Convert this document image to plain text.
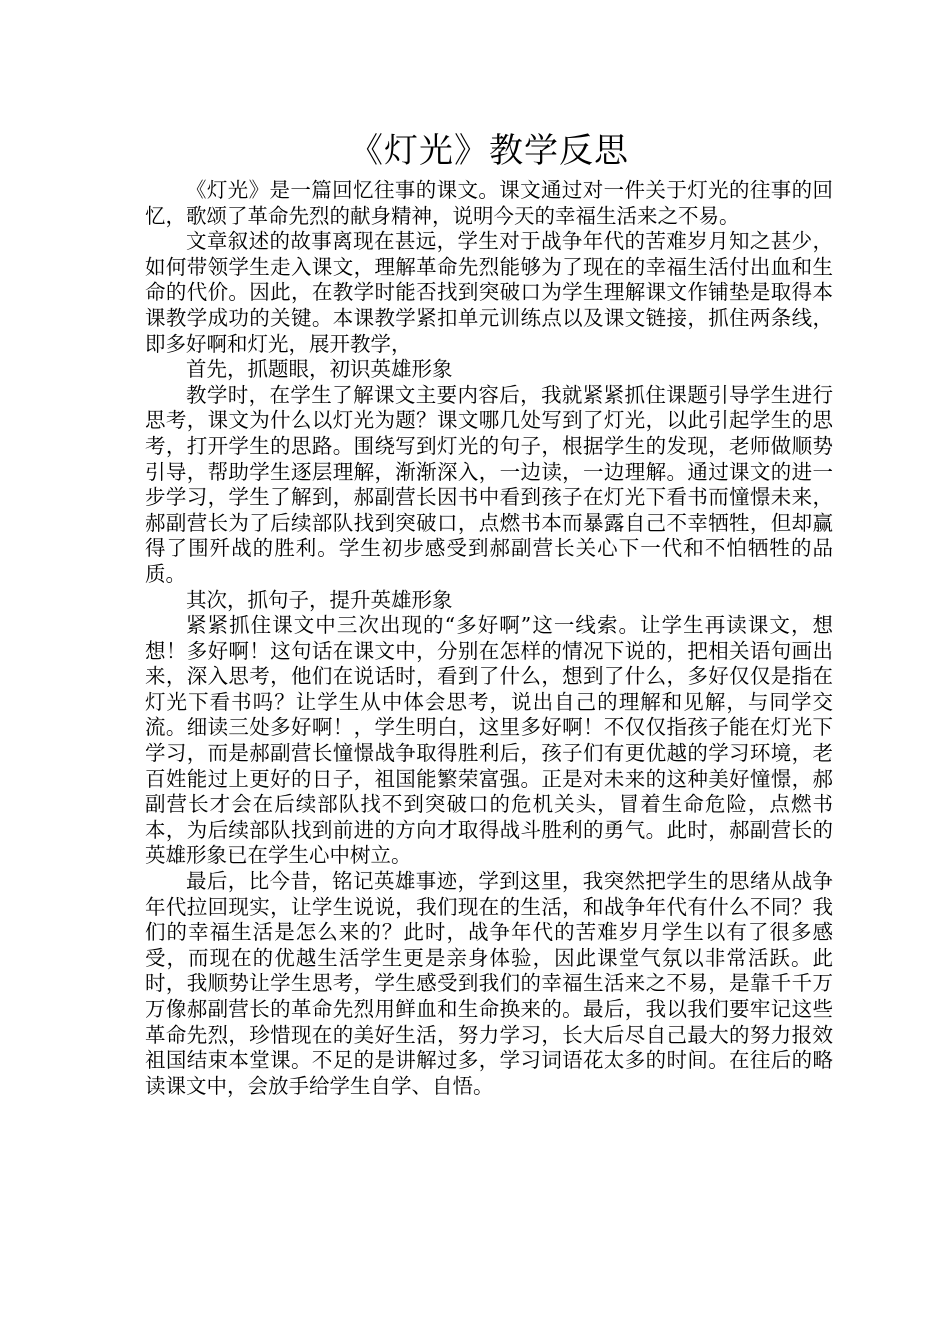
《灯光》教学反思

《灯光》是一篇回忆往事的课文。课文通过对一件关于灯光的往事的回忆，歌颂了革命先烈的献身精神，说明今天的幸福生活来之不易。

文章叙述的故事离现在甚远，学生对于战争年代的苦难岁月知之甚少，如何带领学生走入课文，理解革命先烈能够为了现在的幸福生活付出血和生命的代价。因此，在教学时能否找到突破口为学生理解课文作铺垫是取得本课教学成功的关键。本课教学紧扣单元训练点以及课文链接，抓住两条线，即多好啊和灯光，展开教学，

首先，抓题眼，初识英雄形象

教学时，在学生了解课文主要内容后，我就紧紧抓住课题引导学生进行思考，课文为什么以灯光为题？课文哪几处写到了灯光，以此引起学生的思考，打开学生的思路。围绕写到灯光的句子，根据学生的发现，老师做顺势引导，帮助学生逐层理解，渐渐深入，一边读，一边理解。通过课文的进一步学习，学生了解到，郝副营长因书中看到孩子在灯光下看书而憧憬未来，郝副营长为了后续部队找到突破口，点燃书本而暴露自己不幸牺牲，但却赢得了围歼战的胜利。学生初步感受到郝副营长关心下一代和不怕牺牲的品质。

其次，抓句子，提升英雄形象

紧紧抓住课文中三次出现的“多好啊”这一线索。让学生再读课文，想想！多好啊！这句话在课文中，分别在怎样的情况下说的，把相关语句画出来，深入思考，他们在说话时，看到了什么，想到了什么，多好仅仅是指在灯光下看书吗？让学生从中体会思考，说出自己的理解和见解，与同学交流。细读三处多好啊！，学生明白，这里多好啊！不仅仅指孩子能在灯光下学习，而是郝副营长憧憬战争取得胜利后，孩子们有更优越的学习环境，老百姓能过上更好的日子，祖国能繁荣富强。正是对未来的这种美好憧憬，郝副营长才会在后续部队找不到突破口的危机关头，冒着生命危险，点燃书本，为后续部队找到前进的方向才取得战斗胜利的勇气。此时，郝副营长的英雄形象已在学生心中树立。

最后，比今昔，铭记英雄事迹，学到这里，我突然把学生的思绪从战争年代拉回现实，让学生说说，我们现在的生活，和战争年代有什么不同？我们的幸福生活是怎么来的？此时，战争年代的苦难岁月学生以有了很多感受，而现在的优越生活学生更是亲身体验，因此课堂气氛以非常活跃。此时，我顺势让学生思考，学生感受到我们的幸福生活来之不易，是靠千千万万像郝副营长的革命先烈用鲜血和生命换来的。最后，我以我们要牢记这些革命先烈，珍惜现在的美好生活，努力学习，长大后尽自己最大的努力报效祖国结束本堂课。不足的是讲解过多，学习词语花太多的时间。在往后的略读课文中，会放手给学生自学、自悟。
